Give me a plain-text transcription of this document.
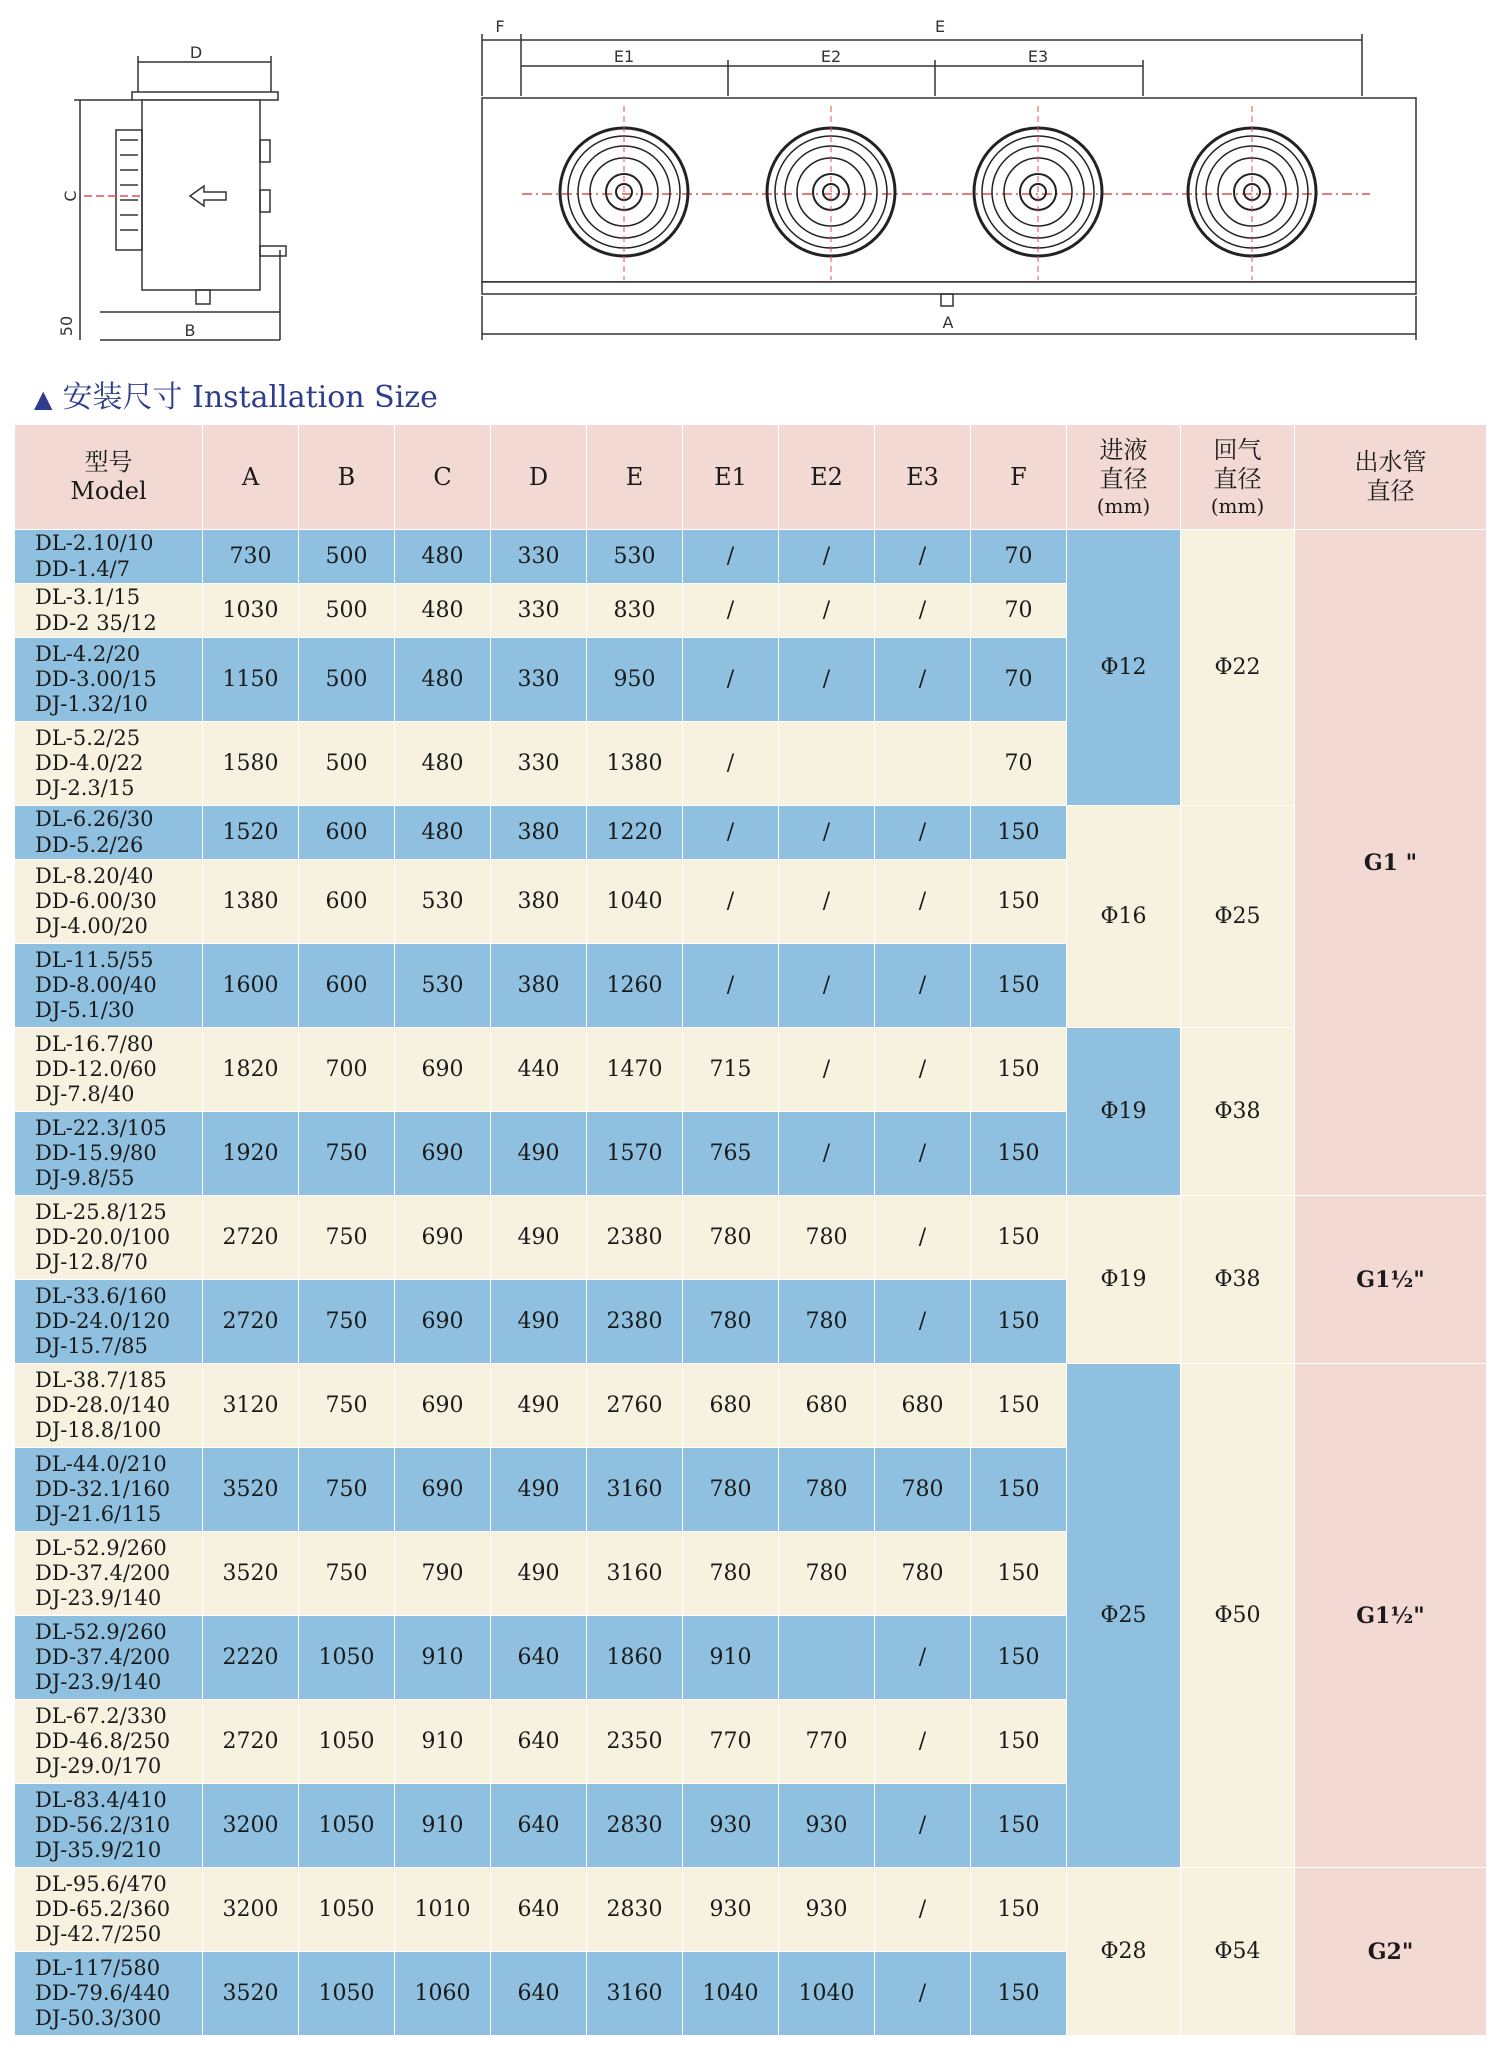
D
C
B
50
F	E
E1	E2	E3
A
▲ 安装尺寸 Installation Size
型号
Model	A	B	C	D	E	E1	E2	E3	F	进液
直径
(mm)	回气
直径
(mm)	出水管
直径

DL-2.10/10
DD-1.4/7	730	500	480	330	530	/	/	/	70	Φ12	Φ22	G1 "

DL-3.1/15
DD-2 35/12	1030	500	480	330	830	/	/	/	70			

DL-4.2/20
DD-3.00/15
DJ-1.32/10	1150	500	480	330	950	/	/	/	70			

DL-5.2/25
DD-4.0/22
DJ-2.3/15	1580	500	480	330	1380	/			70			

DL-6.26/30
DD-5.2/26	1520	600	480	380	1220	/	/	/	150	Φ16	Φ25	

DL-8.20/40
DD-6.00/30
DJ-4.00/20	1380	600	530	380	1040	/	/	/	150			

DL-11.5/55
DD-8.00/40
DJ-5.1/30	1600	600	530	380	1260	/	/	/	150			

DL-16.7/80
DD-12.0/60
DJ-7.8/40	1820	700	690	440	1470	715	/	/	150	Φ19	Φ38	

DL-22.3/105
DD-15.9/80
DJ-9.8/55	1920	750	690	490	1570	765	/	/	150			

DL-25.8/125
DD-20.0/100
DJ-12.8/70	2720	750	690	490	2380	780	780	/	150	Φ19	Φ38	G1½"

DL-33.6/160
DD-24.0/120
DJ-15.7/85	2720	750	690	490	2380	780	780	/	150			

DL-38.7/185
DD-28.0/140
DJ-18.8/100	3120	750	690	490	2760	680	680	680	150	Φ25	Φ50	G1½"

DL-44.0/210
DD-32.1/160
DJ-21.6/115	3520	750	690	490	3160	780	780	780	150			

DL-52.9/260
DD-37.4/200
DJ-23.9/140	3520	750	790	490	3160	780	780	780	150			

DL-52.9/260
DD-37.4/200
DJ-23.9/140	2220	1050	910	640	1860	910		/	150			

DL-67.2/330
DD-46.8/250
DJ-29.0/170	2720	1050	910	640	2350	770	770	/	150			

DL-83.4/410
DD-56.2/310
DJ-35.9/210	3200	1050	910	640	2830	930	930	/	150			

DL-95.6/470
DD-65.2/360
DJ-42.7/250	3200	1050	1010	640	2830	930	930	/	150	Φ28	Φ54	G2"

DL-117/580
DD-79.6/440
DJ-50.3/300	3520	1050	1060	640	3160	1040	1040	/	150			
